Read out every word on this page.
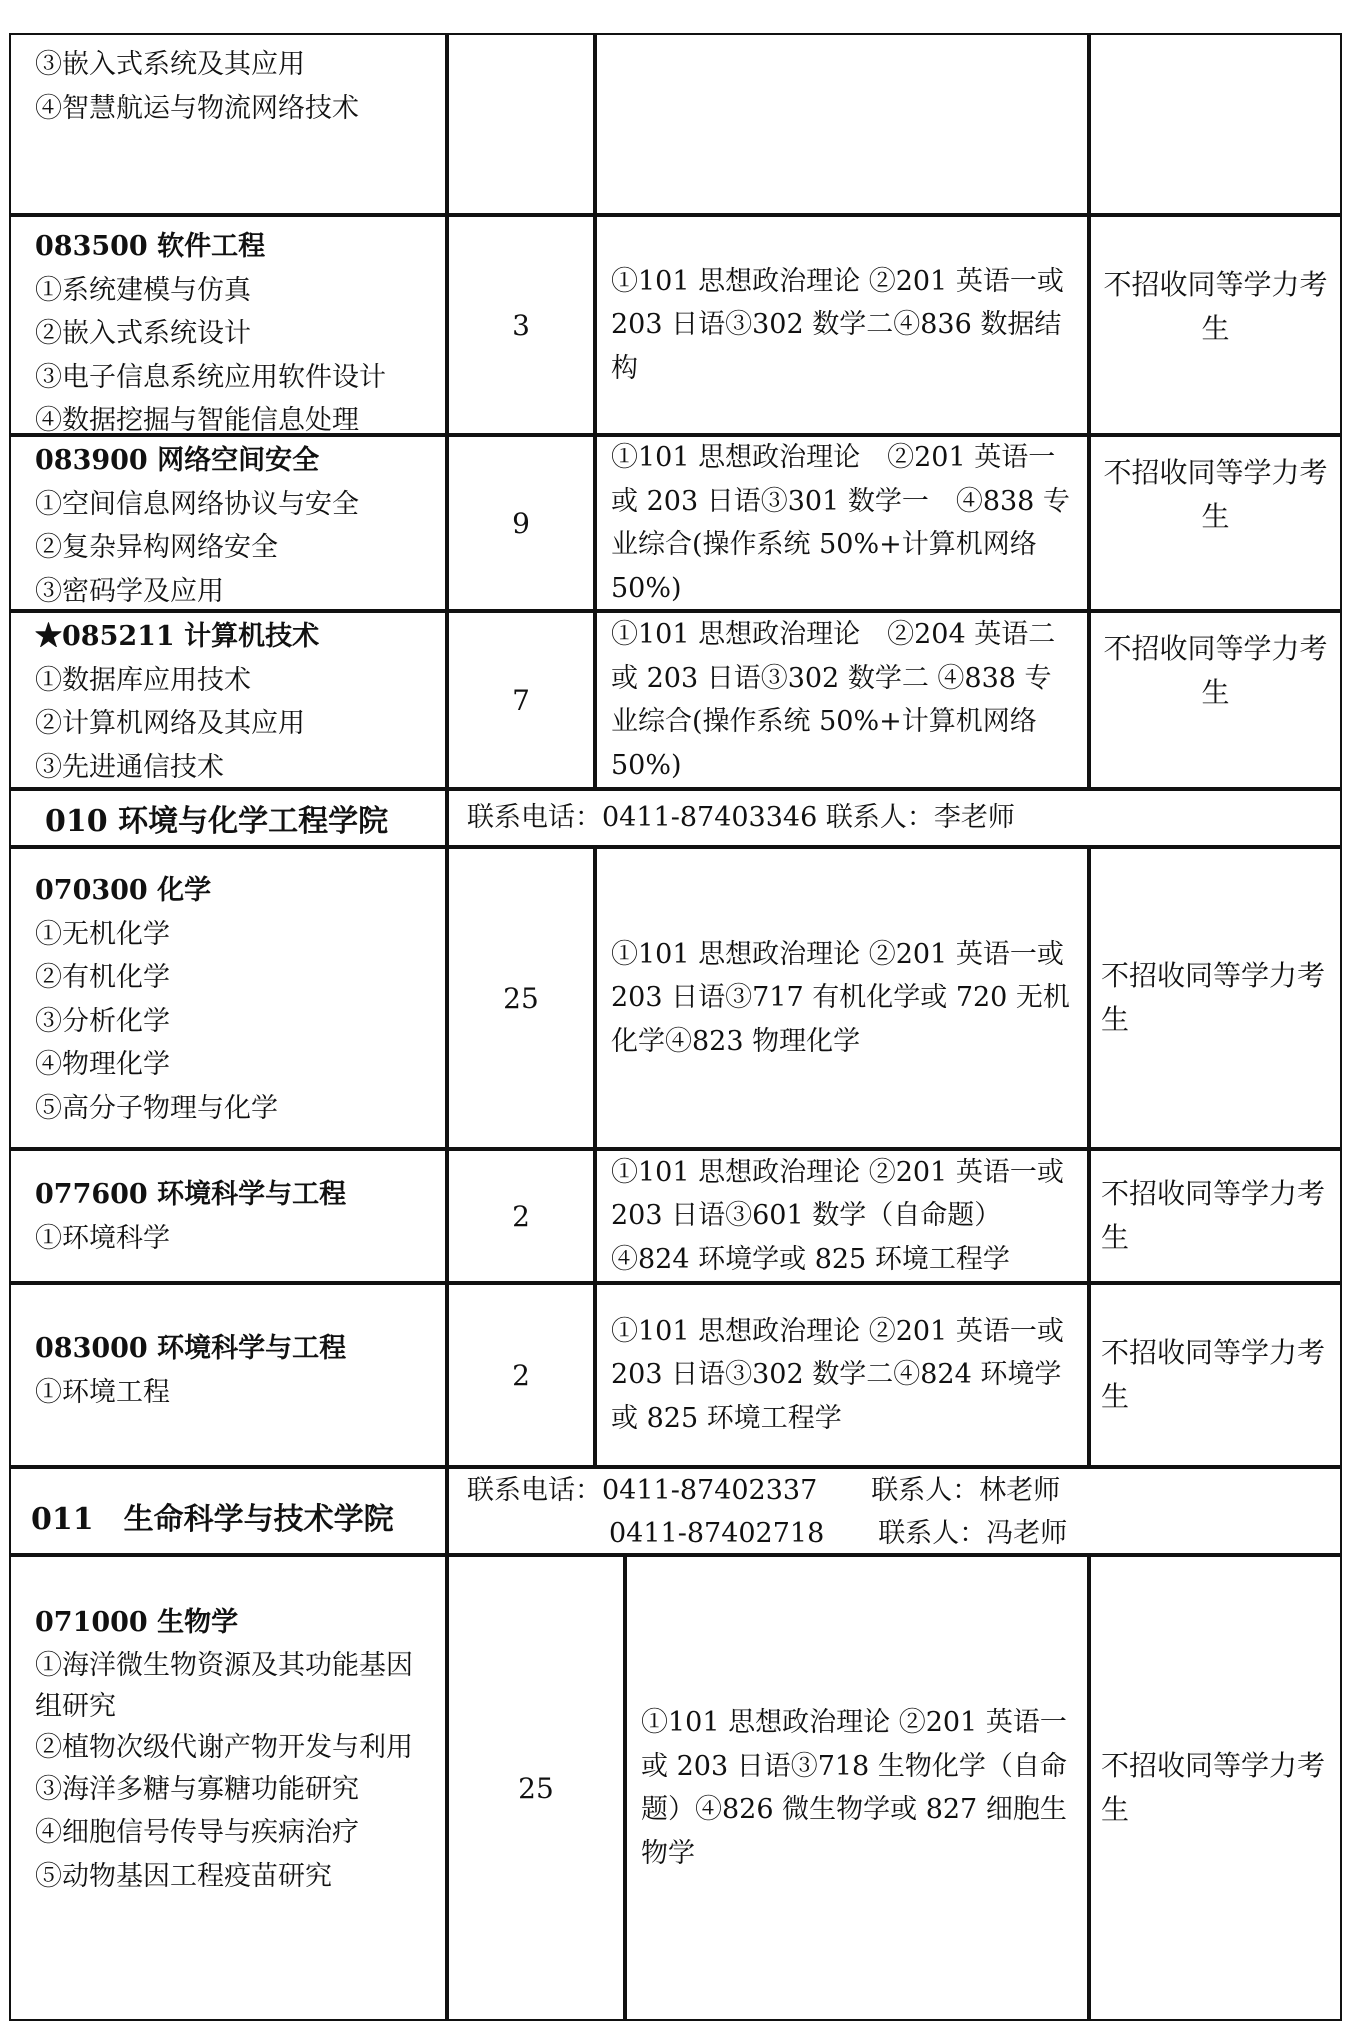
③嵌入式系统及其应用
④智慧航运与物流网络技术
083500 软件工程
①系统建模与仿真
②嵌入式系统设计
③电子信息系统应用软件设计
④数据挖掘与智能信息处理
3
①101 思想政治理论 ②201 英语一或 203 日语③302 数学二④836 数据结构
不招收同等学力考生
083900 网络空间安全
①空间信息网络协议与安全
②复杂异构网络安全
③密码学及应用
9
①101 思想政治理论　②201 英语一或 203 日语③301 数学一　④838 专业综合(操作系统 50%+计算机网络 50%)
不招收同等学力考生
★085211 计算机技术
①数据库应用技术
②计算机网络及其应用
③先进通信技术
7
①101 思想政治理论　②204 英语二或 203 日语③302 数学二 ④838 专业综合(操作系统 50%+计算机网络 50%)
不招收同等学力考生
010 环境与化学工程学院	联系电话：0411-87403346 联系人：李老师
070300 化学
①无机化学
②有机化学
③分析化学
④物理化学
⑤高分子物理与化学
25
①101 思想政治理论 ②201 英语一或 203 日语③717 有机化学或 720 无机化学④823 物理化学
不招收同等学力考生
077600 环境科学与工程
①环境科学
2
①101 思想政治理论 ②201 英语一或 203 日语③601 数学（自命题）④824 环境学或 825 环境工程学
不招收同等学力考生
083000 环境科学与工程
①环境工程
2
①101 思想政治理论 ②201 英语一或 203 日语③302 数学二④824 环境学或 825 环境工程学
不招收同等学力考生
011　生命科学与技术学院
联系电话：0411-87402337　　联系人：林老师
0411-87402718　　联系人：冯老师
071000 生物学
①海洋微生物资源及其功能基因组研究
②植物次级代谢产物开发与利用
③海洋多糖与寡糖功能研究
④细胞信号传导与疾病治疗
⑤动物基因工程疫苗研究
25
①101 思想政治理论 ②201 英语一或 203 日语③718 生物化学（自命题）④826 微生物学或 827 细胞生物学
不招收同等学力考生
